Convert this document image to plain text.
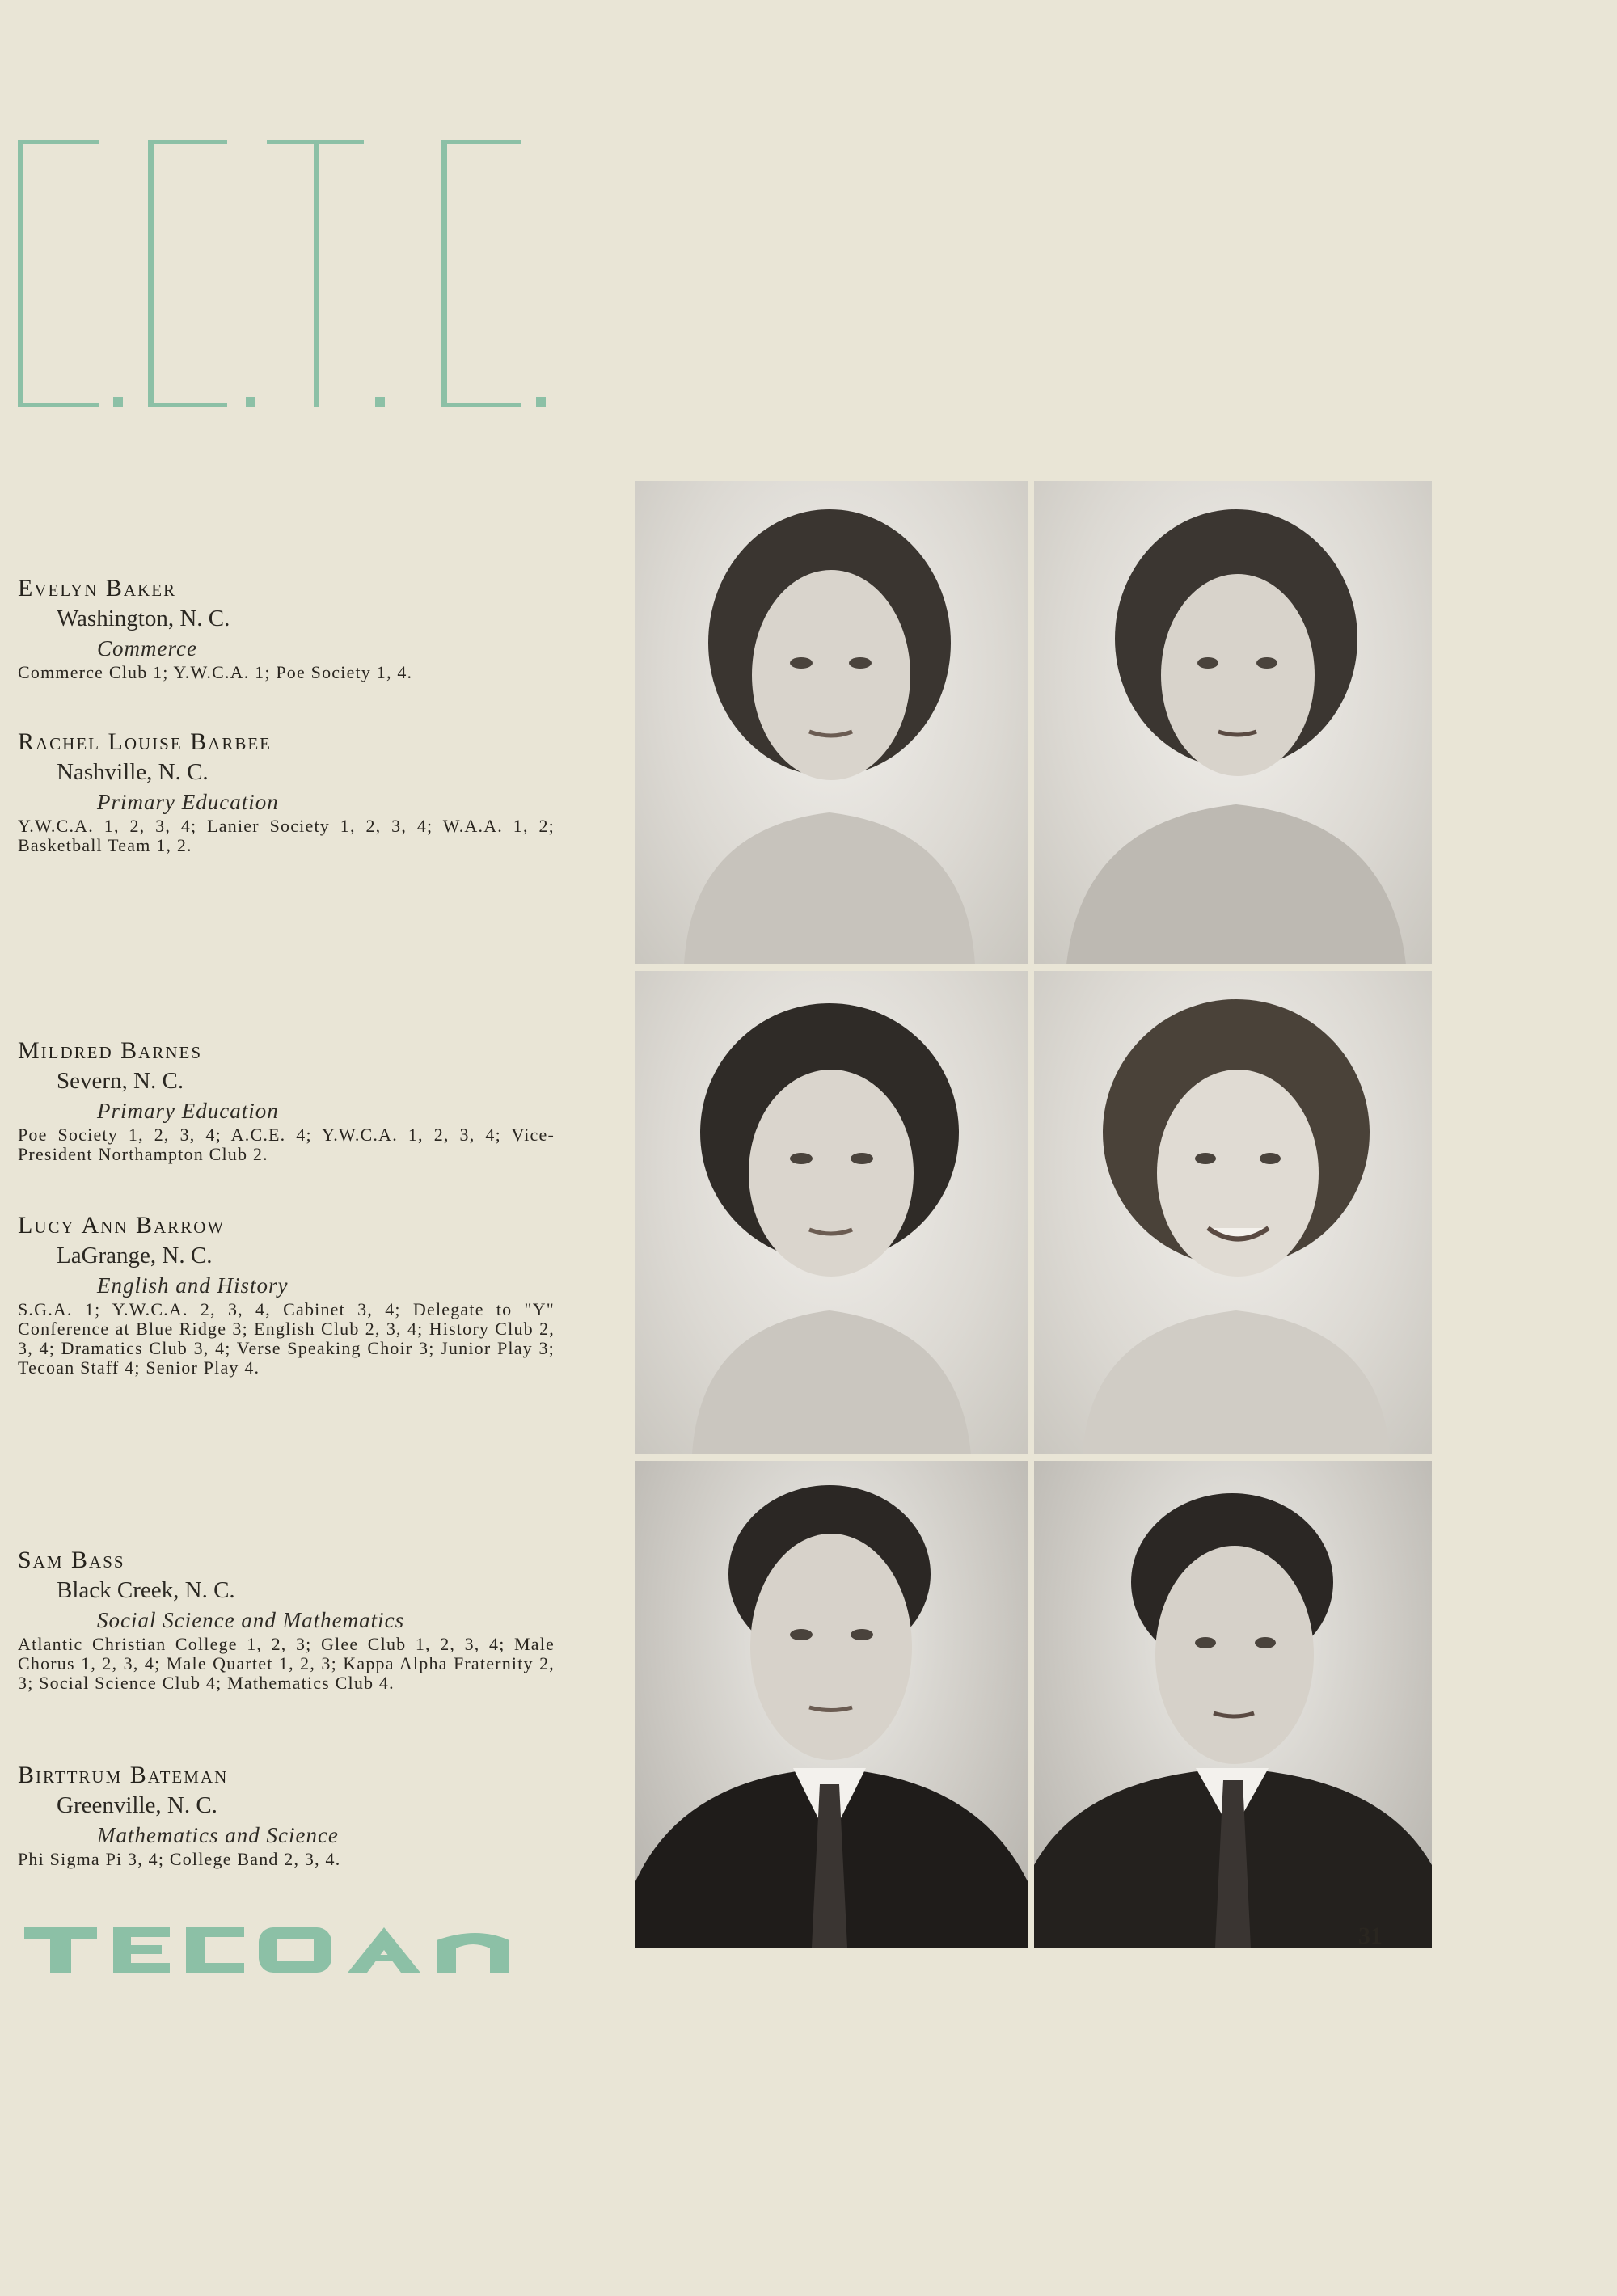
Evelyn Baker
Washington, N. C.
Commerce
Commerce Club 1; Y.W.C.A. 1; Poe Society 1, 4.
Rachel Louise Barbee
Nashville, N. C.
Primary Education
Y.W.C.A. 1, 2, 3, 4; Lanier Society 1, 2, 3, 4; W.A.A. 1, 2; Basketball Team 1, 2.
Mildred Barnes
Severn, N. C.
Primary Education
Poe Society 1, 2, 3, 4; A.C.E. 4; Y.W.C.A. 1, 2, 3, 4; Vice-President Northampton Club 2.
Lucy Ann Barrow
LaGrange, N. C.
English and History
S.G.A. 1; Y.W.C.A. 2, 3, 4, Cabinet 3, 4; Delegate to "Y" Conference at Blue Ridge 3; English Club 2, 3, 4; History Club 2, 3, 4; Dramatics Club 3, 4; Verse Speaking Choir 3; Junior Play 3; Tecoan Staff 4; Senior Play 4.
Sam Bass
Black Creek, N. C.
Social Science and Mathematics
Atlantic Christian College 1, 2, 3; Glee Club 1, 2, 3, 4; Male Chorus 1, 2, 3, 4; Male Quartet 1, 2, 3; Kappa Alpha Fraternity 2, 3; Social Science Club 4; Mathematics Club 4.
Birttrum Bateman
Greenville, N. C.
Mathematics and Science
Phi Sigma Pi 3, 4; College Band 2, 3, 4.
TECOAN	31
